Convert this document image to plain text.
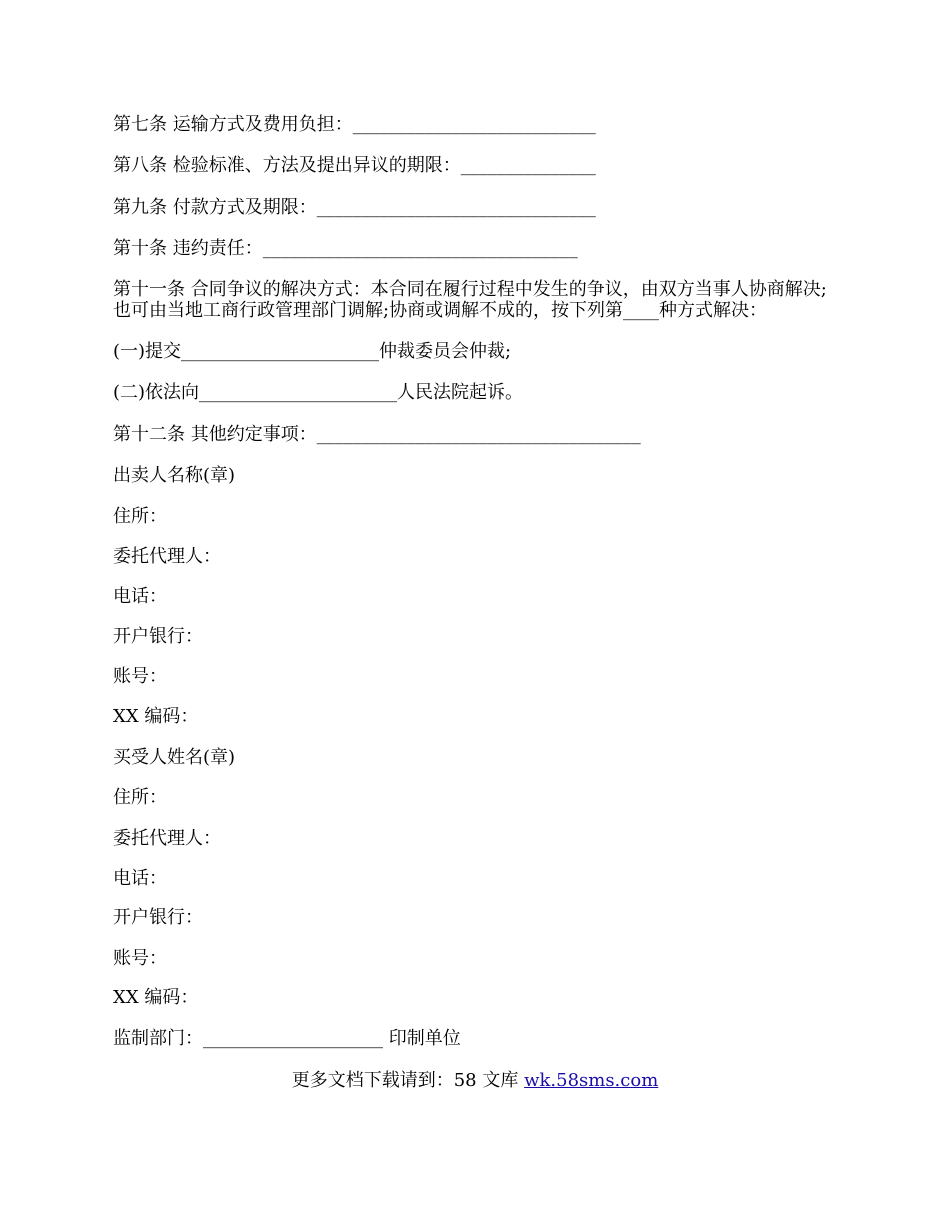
第七条 运输方式及费用负担：___________________________
第八条 检验标准、方法及提出异议的期限：_______________
第九条 付款方式及期限：_______________________________
第十条 违约责任：___________________________________
第十一条 合同争议的解决方式：本合同在履行过程中发生的争议，由双方当事人协商解决;也可由当地工商行政管理部门调解;协商或调解不成的，按下列第____种方式解决：
(一)提交______________________仲裁委员会仲裁;
(二)依法向______________________人民法院起诉。
第十二条 其他约定事项：____________________________________
出卖人名称(章)
住所：
委托代理人：
电话：
开户银行：
账号：
XX 编码：
买受人姓名(章)
住所：
委托代理人：
电话：
开户银行：
账号：
XX 编码：
监制部门：____________________ 印制单位
更多文档下载请到：58 文库 wk.58sms.com
